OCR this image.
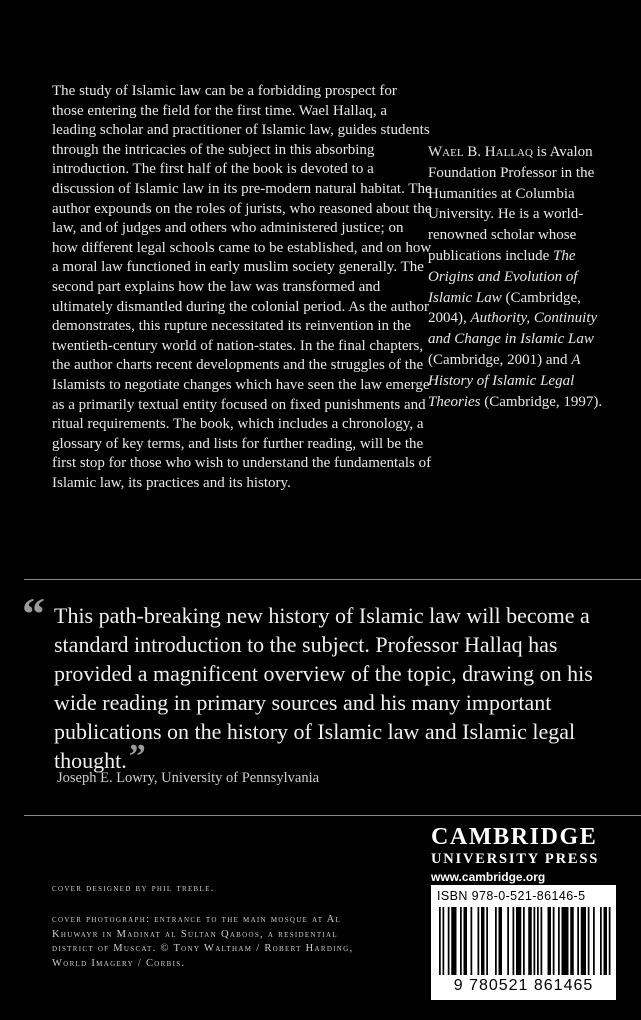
The study of Islamic law can be a forbidding prospect for those entering the field for the first time. Wael Hallaq, a leading scholar and practitioner of Islamic law, guides students through the intricacies of the subject in this absorbing introduction. The first half of the book is devoted to a discussion of Islamic law in its pre-modern natural habitat. The author expounds on the roles of jurists, who reasoned about the law, and of judges and others who administered justice; on how different legal schools came to be established, and on how a moral law functioned in early muslim society generally. The second part explains how the law was transformed and ultimately dismantled during the colonial period. As the author demonstrates, this rupture necessitated its reinvention in the twentieth-century world of nation-states. In the final chapters, the author charts recent developments and the struggles of the Islamists to negotiate changes which have seen the law emerge as a primarily textual entity focused on fixed punishments and ritual requirements. The book, which includes a chronology, a glossary of key terms, and lists for further reading, will be the first stop for those who wish to understand the fundamentals of Islamic law, its practices and its history.
Wael B. Hallaq is Avalon Foundation Professor in the Humanities at Columbia University. He is a world-renowned scholar whose publications include The Origins and Evolution of Islamic Law (Cambridge, 2004), Authority, Continuity and Change in Islamic Law (Cambridge, 2001) and A History of Islamic Legal Theories (Cambridge, 1997).
“ This path-breaking new history of Islamic law will become a standard introduction to the subject. Professor Hallaq has provided a magnificent overview of the topic, drawing on his wide reading in primary sources and his many important publications on the history of Islamic law and Islamic legal thought.”
Joseph E. Lowry, University of Pennsylvania
CAMBRIDGE
UNIVERSITY PRESS
www.cambridge.org
ISBN 978-0-521-86146-5
9 780521 861465
cover designed by phil treble.
cover photograph: entrance to the main mosque at Al Khuwayr in Madinat al Sultan Qaboos, a residential district of Muscat. © Tony Waltham / Robert Harding, World Imagery / Corbis.
